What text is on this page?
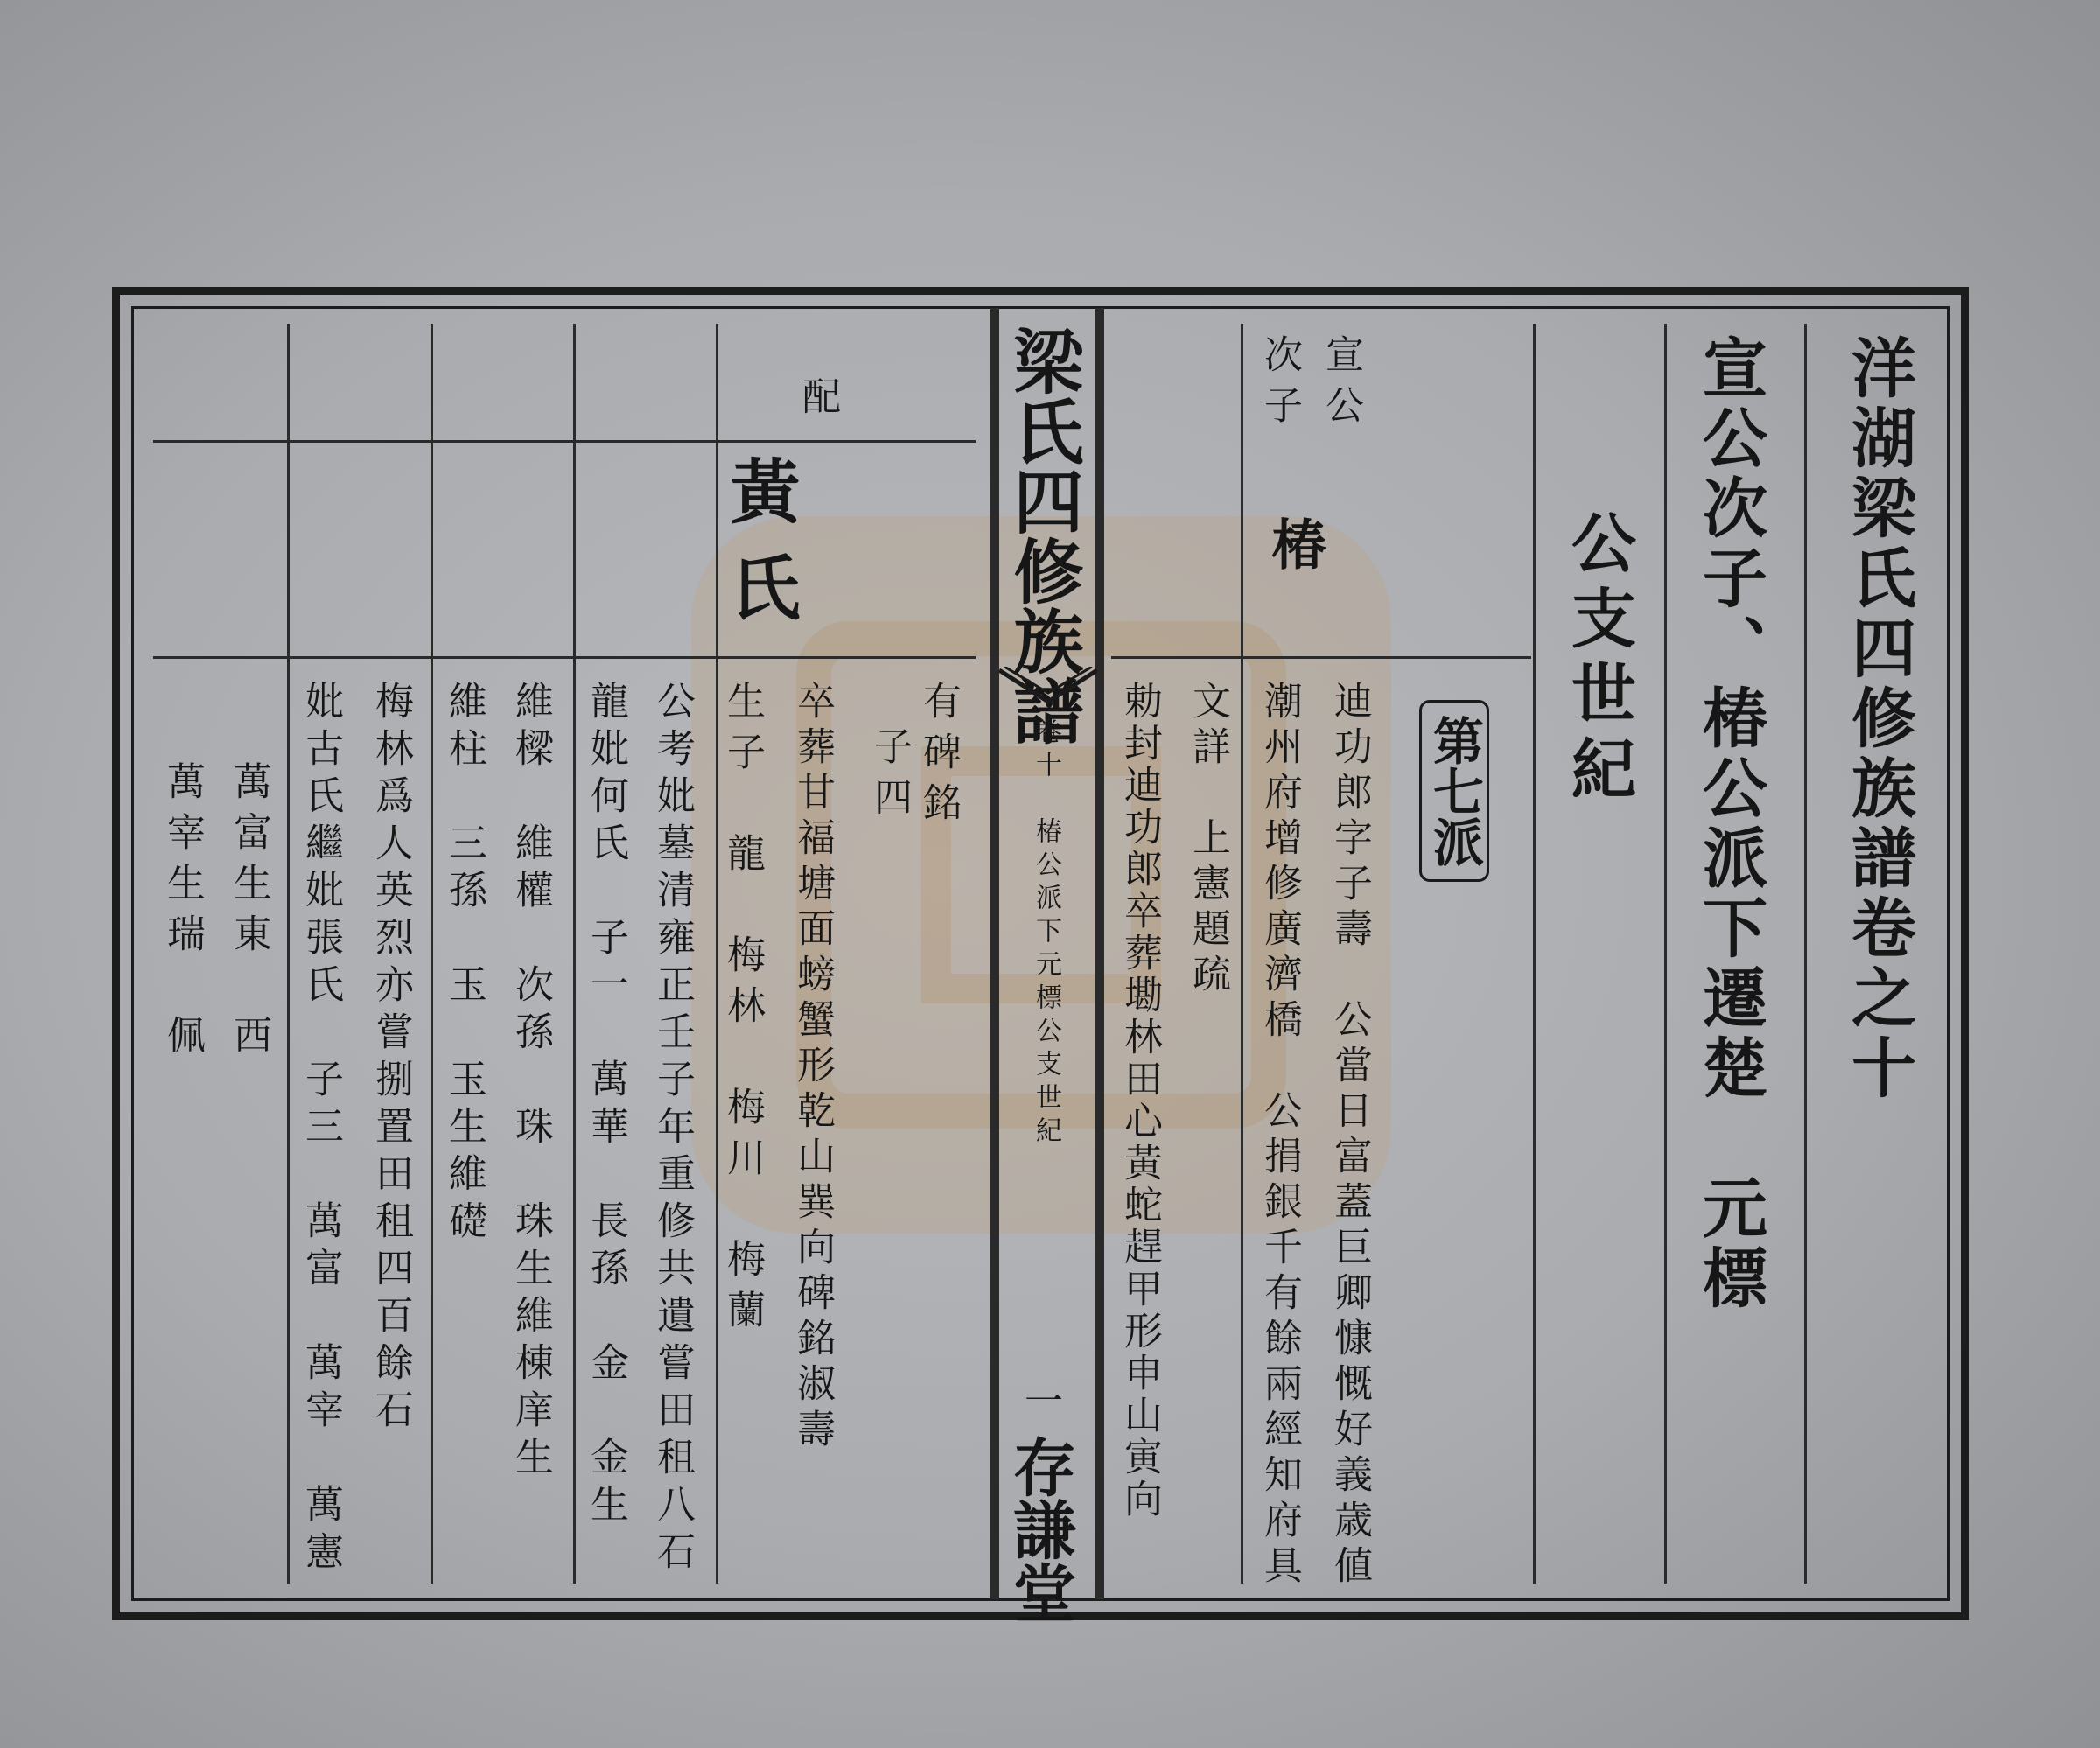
洋湖梁氏四修族譜卷之十
宣公次子、椿公派下遷楚　元標
公支世紀
第七派
梁氏四修族譜
卷十　椿公派下元標公支世紀
一
存謙堂
宣公
次子
椿
迪功郎字子壽　公當日富蓋巨卿慷慨好義歳値
潮州府增修廣濟橋　公捐銀千有餘兩經知府具
文詳　上憲題疏
勅封迪功郎卒葬墈林田心黃蛇趕甲形申山寅向
配
黃氏
有碑銘
子四
卒葬甘福塘面螃蟹形乾山巽向碑銘淑壽
生子　龍　梅林　梅川　梅蘭
公考妣墓清雍正壬子年重修共遺嘗田租八石
龍妣何氏　子一　萬華　長孫　金　金生
維樑　維權　次孫　珠　珠生維棟庠生
維柱　三孫　玉　玉生維礎
梅林爲人英烈亦嘗捌置田租四百餘石
妣古氏繼妣張氏　子三　萬富　萬宰　萬憲
萬富生東　西
萬宰生瑞　佩
